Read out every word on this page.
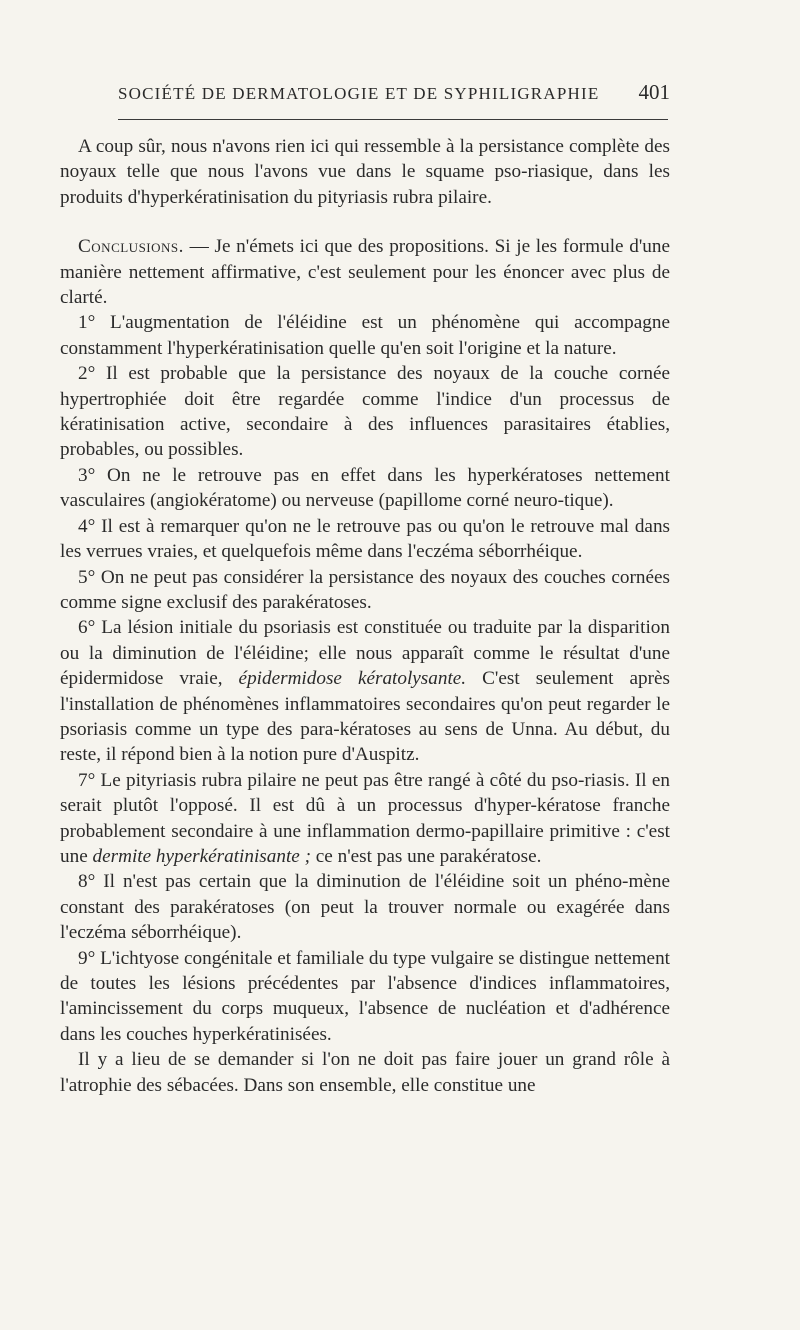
SOCIÉTÉ DE DERMATOLOGIE ET DE SYPHILIGRAPHIE 401

A coup sûr, nous n'avons rien ici qui ressemble à la persistance complète des noyaux telle que nous l'avons vue dans le squame pso-riasique, dans les produits d'hyperkératinisation du pityriasis rubra pilaire.

Conclusions. — Je n'émets ici que des propositions. Si je les formule d'une manière nettement affirmative, c'est seulement pour les énoncer avec plus de clarté.

1° L'augmentation de l'éléidine est un phénomène qui accompagne constamment l'hyperkératinisation quelle qu'en soit l'origine et la nature.

2° Il est probable que la persistance des noyaux de la couche cornée hypertrophiée doit être regardée comme l'indice d'un processus de kératinisation active, secondaire à des influences parasitaires établies, probables, ou possibles.

3° On ne le retrouve pas en effet dans les hyperkératoses nettement vasculaires (angiokératome) ou nerveuse (papillome corné neuro-tique).

4° Il est à remarquer qu'on ne le retrouve pas ou qu'on le retrouve mal dans les verrues vraies, et quelquefois même dans l'eczéma séborrhéique.

5° On ne peut pas considérer la persistance des noyaux des couches cornées comme signe exclusif des parakératoses.

6° La lésion initiale du psoriasis est constituée ou traduite par la disparition ou la diminution de l'éléidine; elle nous apparaît comme le résultat d'une épidermidose vraie, épidermidose kératolysante. C'est seulement après l'installation de phénomènes inflammatoires secondaires qu'on peut regarder le psoriasis comme un type des para-kératoses au sens de Unna. Au début, du reste, il répond bien à la notion pure d'Auspitz.

7° Le pityriasis rubra pilaire ne peut pas être rangé à côté du pso-riasis. Il en serait plutôt l'opposé. Il est dû à un processus d'hyper-kératose franche probablement secondaire à une inflammation dermo-papillaire primitive : c'est une dermite hyperkératinisante ; ce n'est pas une parakératose.

8° Il n'est pas certain que la diminution de l'éléidine soit un phéno-mène constant des parakératoses (on peut la trouver normale ou exagérée dans l'eczéma séborrhéique).

9° L'ichtyose congénitale et familiale du type vulgaire se distingue nettement de toutes les lésions précédentes par l'absence d'indices inflammatoires, l'amincissement du corps muqueux, l'absence de nucléation et d'adhérence dans les couches hyperkératinisées.

Il y a lieu de se demander si l'on ne doit pas faire jouer un grand rôle à l'atrophie des sébacées. Dans son ensemble, elle constitue une
